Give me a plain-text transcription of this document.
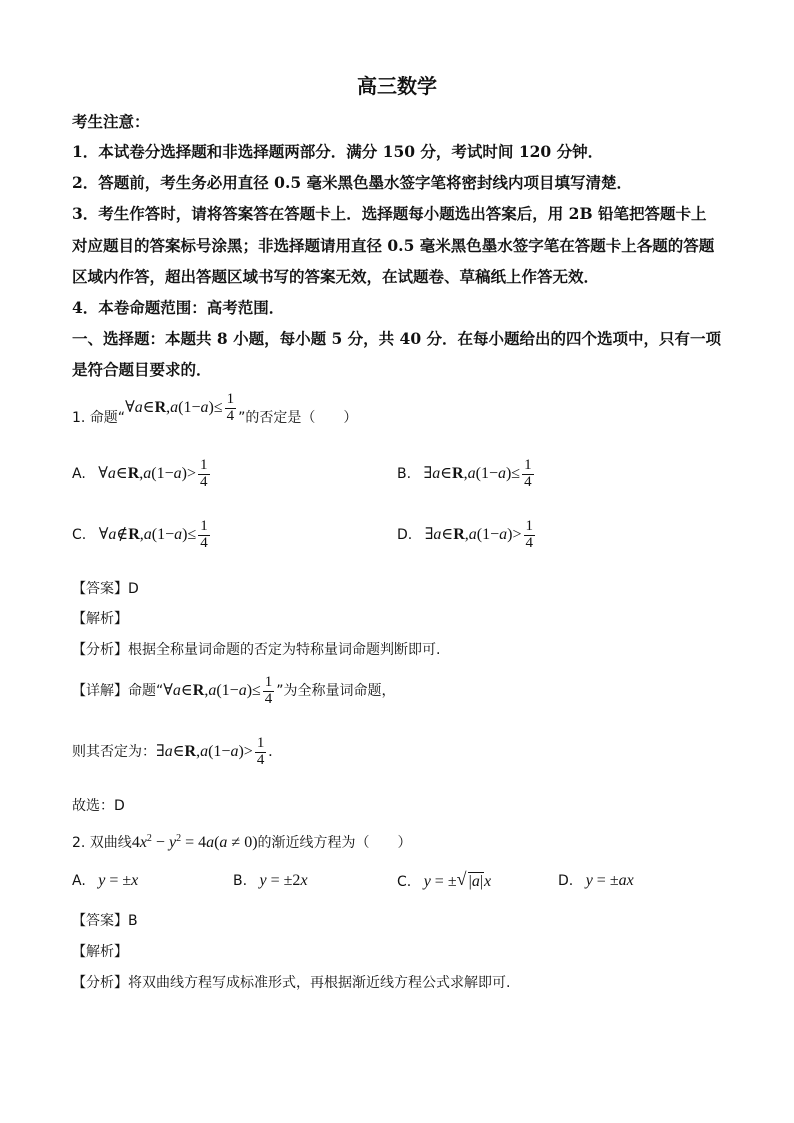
高三数学
考生注意：
1．本试卷分选择题和非选择题两部分．满分 150 分，考试时间 120 分钟．
2．答题前，考生务必用直径 0.5 毫米黑色墨水签字笔将密封线内项目填写清楚．
3．考生作答时，请将答案答在答题卡上．选择题每小题选出答案后，用 2B 铅笔把答题卡上
对应题目的答案标号涂黑；非选择题请用直径 0.5 毫米黑色墨水签字笔在答题卡上各题的答题
区域内作答，超出答题区域书写的答案无效，在试题卷、草稿纸上作答无效．
4．本卷命题范围：高考范围．
一、选择题：本题共 8 小题，每小题 5 分，共 40 分．在每小题给出的四个选项中，只有一项
是符合题目要求的．
1. 命题“∀a∈R,a(1−a)≤ $\frac{1}{4}$ ”的否定是（　　）
A. ∀a∈R,a(1−a)> $\frac{1}{4}$	B. ∃a∈R,a(1−a)≤ $\frac{1}{4}$
C. ∀a∉R,a(1−a)≤ $\frac{1}{4}$	D. ∃a∈R,a(1−a)> $\frac{1}{4}$
【答案】D
【解析】
【分析】根据全称量词命题的否定为特称量词命题判断即可.
【详解】命题“∀a∈R,a(1−a)≤ $\frac{1}{4}$ ”为全称量词命题，
则其否定为：∃a∈R,a(1−a)> $\frac{1}{4}$ .
故选：D
2. 双曲线$4x^2 - y^2 = 4a(a \ne 0)$的渐近线方程为（　　）
A. y = ±x	B. y = ±2x	C. y = ± √ |a|x	D. y = ±ax
【答案】B
【解析】
【分析】将双曲线方程写成标准形式，再根据渐近线方程公式求解即可.
